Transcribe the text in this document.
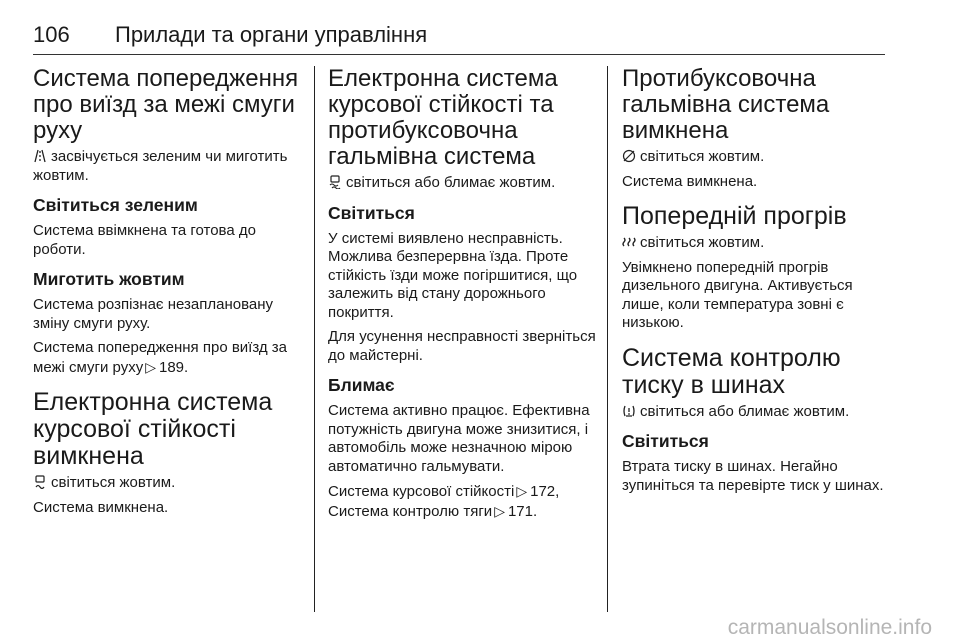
106 Прилади та органи управління
Система попередження про виїзд за межі смуги руху

засвічується зеленим чи миготить жовтим.

Світиться зеленим

Система ввімкнена та готова до роботи.

Миготить жовтим

Система розпізнає незаплановану зміну смуги руху.

Система попередження про виїзд за межі смуги руху ▷ 189.

Електронна система курсової стійкості вимкнена

світиться жовтим.

Система вимкнена.

Електронна система курсової стійкості та протибуксовочна гальмівна система

світиться або блимає жовтим.

Світиться

У системі виявлено несправність. Можлива безперервна їзда. Проте стійкість їзди може погіршитися, що залежить від стану дорожнього покриття.

Для усунення несправності зверніться до майстерні.

Блимає

Система активно працює. Ефективна потужність двигуна може знизитися, і автомобіль може незначною мірою автоматично гальмувати.

Система курсової стійкості ▷ 172,
Система контролю тяги ▷ 171.

Протибуксовочна гальмівна система вимкнена

світиться жовтим.

Система вимкнена.

Попередній прогрів

світиться жовтим.

Увімкнено попередній прогрів дизельного двигуна. Активується лише, коли температура зовні є низькою.

Система контролю тиску в шинах

світиться або блимає жовтим.

Світиться

Втрата тиску в шинах. Негайно зупиніться та перевірте тиск у шинах.

carmanualsonline.info
